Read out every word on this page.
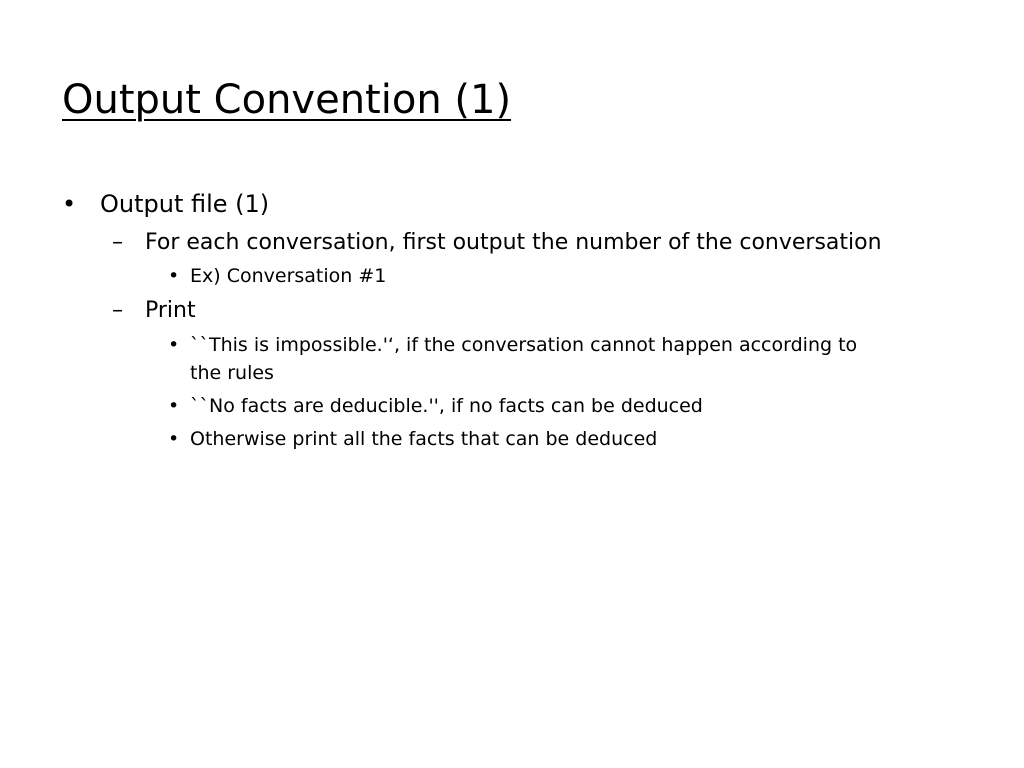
Output Convention (1)
• Output file (1)
– For each conversation, first output the number of the conversation
• Ex) Conversation #1
– Print
• ``This is impossible.'‘, if the conversation cannot happen according to
the rules
• ``No facts are deducible.'', if no facts can be deduced
• Otherwise print all the facts that can be deduced
